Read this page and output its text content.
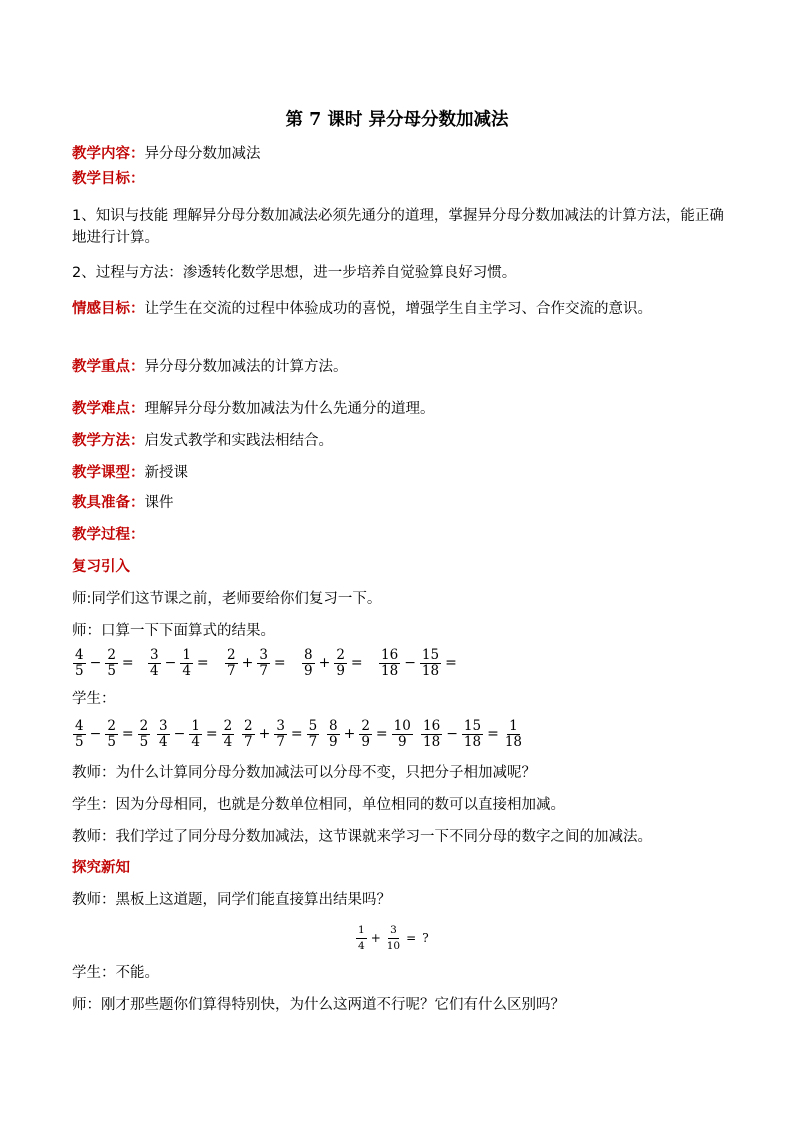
第 7 课时 异分母分数加减法
教学内容：异分母分数加减法
教学目标：
1、知识与技能 理解异分母分数加减法必须先通分的道理，掌握异分母分数加减法的计算方法，能正确地进行计算。
2、过程与方法：渗透转化数学思想，进一步培养自觉验算良好习惯。
情感目标：让学生在交流的过程中体验成功的喜悦，增强学生自主学习、合作交流的意识。
教学重点：异分母分数加减法的计算方法。
教学难点：理解异分母分数加减法为什么先通分的道理。
教学方法：启发式教学和实践法相结合。
教学课型：新授课
教具准备：课件
教学过程：
复习引入
师:同学们这节课之前，老师要给你们复习一下。
师：口算一下下面算式的结果。
$\frac{4}{5} - \frac{2}{5} = \frac{3}{4} - \frac{1}{4} = \frac{2}{7} + \frac{3}{7} = \frac{8}{9} + \frac{2}{9} = \frac{16}{18} - \frac{15}{18}$ =
学生：
$\frac{4}{5} - \frac{2}{5} = \frac{2}{5} \frac{3}{4} - \frac{1}{4} = \frac{2}{4} \frac{2}{7} + \frac{3}{7} = \frac{5}{7} \frac{8}{9} + \frac{2}{9} = \frac{10}{9} \frac{16}{18} - \frac{15}{18} = \frac{1}{18}$
教师：为什么计算同分母分数加减法可以分母不变，只把分子相加减呢？
学生：因为分母相同，也就是分数单位相同，单位相同的数可以直接相加减。
教师：我们学过了同分母分数加减法，这节课就来学习一下不同分母的数字之间的加减法。
探究新知
教师：黑板上这道题，同学们能直接算出结果吗？
$\frac{1}{4} + \frac{3}{10}$ = ?
学生：不能。
师：刚才那些题你们算得特别快，为什么这两道不行呢？它们有什么区别吗？
